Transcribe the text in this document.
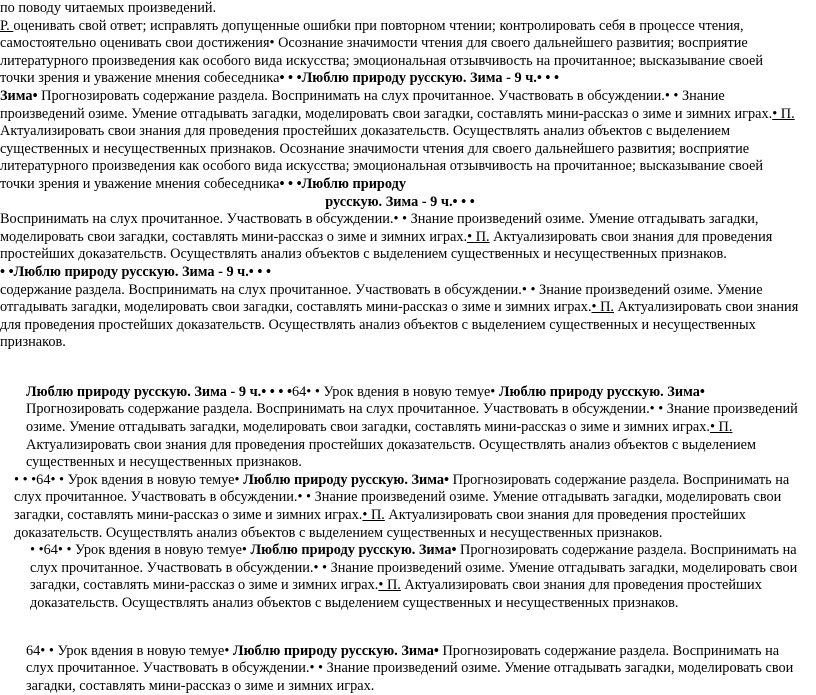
по поводу читаемых произведений.

Р. оценивать свой ответ; исправлять допущенные ошибки при повторном чтении; контролировать себя в процессе чтения, самостоятельно оценивать свои достижения• Осознание значимости чтения для своего дальнейшего развития; восприятие литературного произведения как особого вида искусства; эмоциональная отзывчивость на прочитанное; высказывание своей точки зрения и уважение мнения собеседника• • •Люблю природу русскую. Зима - 9 ч.• • •

Зима• Прогнозировать содержание раздела. Воспринимать на слух прочитанное. Участвовать в обсуждении.• • Знание произведений озиме. Умение отгадывать загадки, моделировать свои загадки, составлять мини-рассказ о зиме и зимних играх.• П. Актуализировать свои знания для проведения простейших доказательств. Осуществлять анализ объектов с выделением существенных и несущественных признаков. Осознание значимости чтения для своего дальнейшего развития; восприятие литературного произведения как особого вида искусства; эмоциональная отзывчивость на прочитанное; высказывание своей точки зрения и уважение мнения собеседника• • •Люблю природу

русскую. Зима - 9 ч.• • •

Воспринимать на слух прочитанное. Участвовать в обсуждении.• • Знание произведений озиме. Умение отгадывать загадки, моделировать свои загадки, составлять мини-рассказ о зиме и зимних играх.• П. Актуализировать свои знания для проведения простейших доказательств. Осуществлять анализ объектов с выделением существенных и несущественных признаков.

• •Люблю природу русскую. Зима - 9 ч.• • •

содержание раздела. Воспринимать на слух прочитанное. Участвовать в обсуждении.• • Знание произведений озиме. Умение отгадывать загадки, моделировать свои загадки, составлять мини-рассказ о зиме и зимних играх.• П. Актуализировать свои знания для проведения простейших доказательств. Осуществлять анализ объектов с выделением существенных и несущественных признаков.

Люблю природу русскую. Зима - 9 ч.• • • •64• • Урок вдения в новую темуе• Люблю природу русскую. Зима• Прогнозировать содержание раздела. Воспринимать на слух прочитанное. Участвовать в обсуждении.• • Знание произведений озиме. Умение отгадывать загадки, моделировать свои загадки, составлять мини-рассказ о зиме и зимних играх.• П. Актуализировать свои знания для проведения простейших доказательств. Осуществлять анализ объектов с выделением существенных и несущественных признаков.

• • •64• • Урок вдения в новую темуе• Люблю природу русскую. Зима• Прогнозировать содержание раздела. Воспринимать на слух прочитанное. Участвовать в обсуждении.• • Знание произведений озиме. Умение отгадывать загадки, моделировать свои загадки, составлять мини-рассказ о зиме и зимних играх.• П. Актуализировать свои знания для проведения простейших доказательств. Осуществлять анализ объектов с выделением существенных и несущественных признаков.

• •64• • Урок вдения в новую темуе• Люблю природу русскую. Зима• Прогнозировать содержание раздела. Воспринимать на слух прочитанное. Участвовать в обсуждении.• • Знание произведений озиме. Умение отгадывать загадки, моделировать свои загадки, составлять мини-рассказ о зиме и зимних играх.• П. Актуализировать свои знания для проведения простейших доказательств. Осуществлять анализ объектов с выделением существенных и несущественных признаков.

64• • Урок вдения в новую темуе• Люблю природу русскую. Зима• Прогнозировать содержание раздела. Воспринимать на слух прочитанное. Участвовать в обсуждении.• • Знание произведений озиме. Умение отгадывать загадки, моделировать свои загадки, составлять мини-рассказ о зиме и зимних играх.
